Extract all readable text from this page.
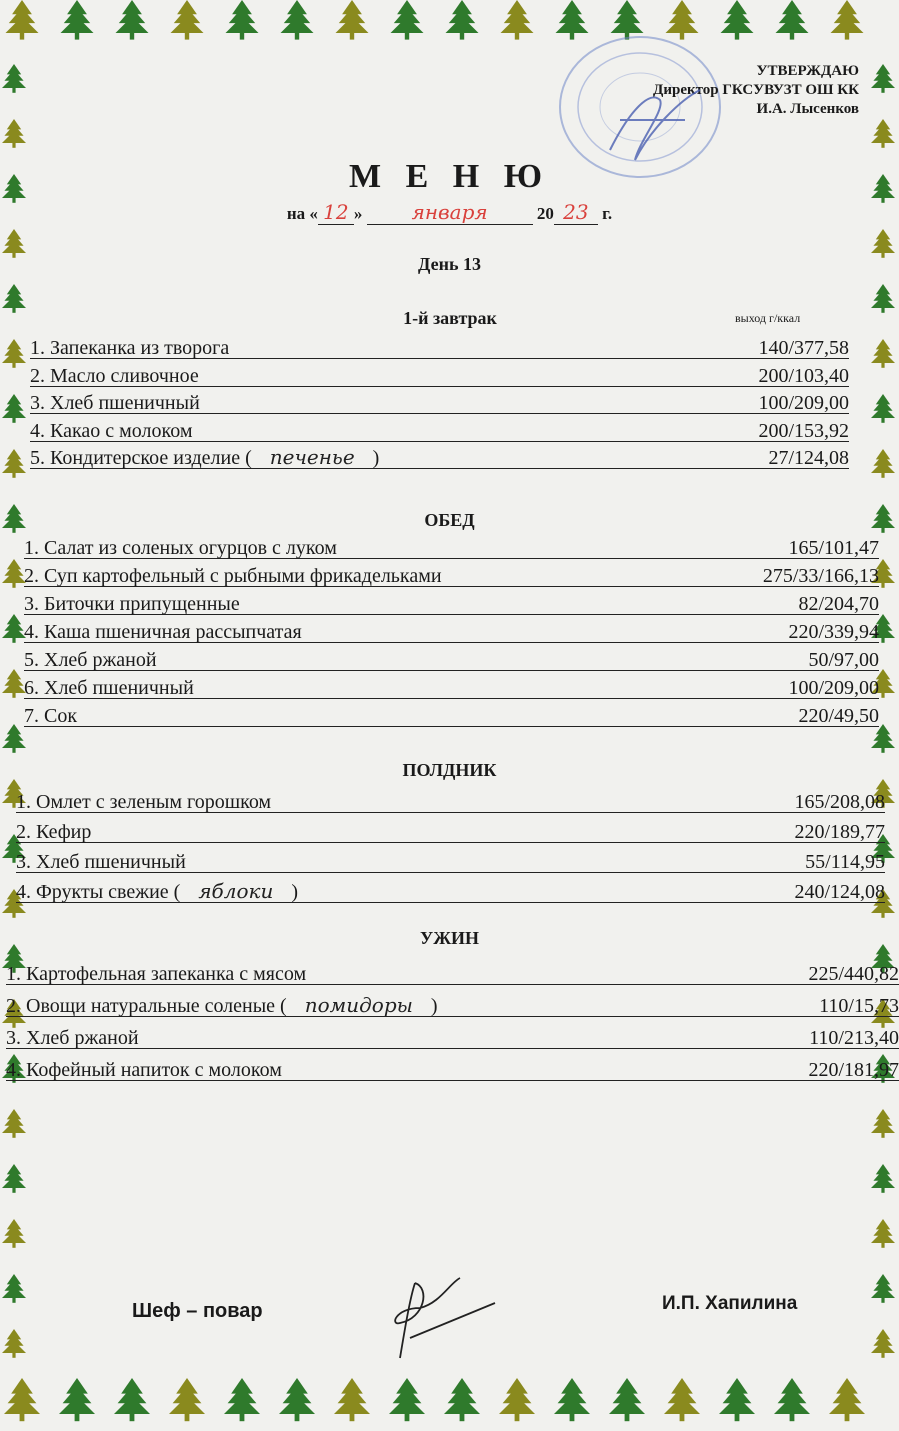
УТВЕРЖДАЮ
Директор ГКСУВУЗТ ОШ КК
И.А. Лысенков
М Е Н Ю
на « 12 » января	20 23 г.
День 13
выход г/ккал
1-й завтрак
1. Запеканка из творога	140/377,58
2. Масло сливочное	200/103,40
3. Хлеб пшеничный	100/209,00
4. Какао с молоком	200/153,92
5. Кондитерское изделие ( печенье )	27/124,08
ОБЕД
1. Салат из соленых огурцов с луком	165/101,47
2. Суп картофельный с рыбными фрикадельками	275/33/166,13
3. Биточки припущенные	82/204,70
4. Каша пшеничная рассыпчатая	220/339,94
5. Хлеб ржаной	50/97,00
6. Хлеб пшеничный	100/209,00
7. Сок	220/49,50
ПОЛДНИК
1. Омлет с зеленым горошком	165/208,08
2. Кефир	220/189,77
3. Хлеб пшеничный	55/114,95
4. Фрукты свежие ( яблоки )	240/124,08
УЖИН
1. Картофельная запеканка с мясом	225/440,82
2. Овощи натуральные соленые ( помидоры )	110/15,73
3. Хлеб ржаной	110/213,40
4. Кофейный напиток с молоком	220/181,97
Шеф – повар	И.П. Хапилина
